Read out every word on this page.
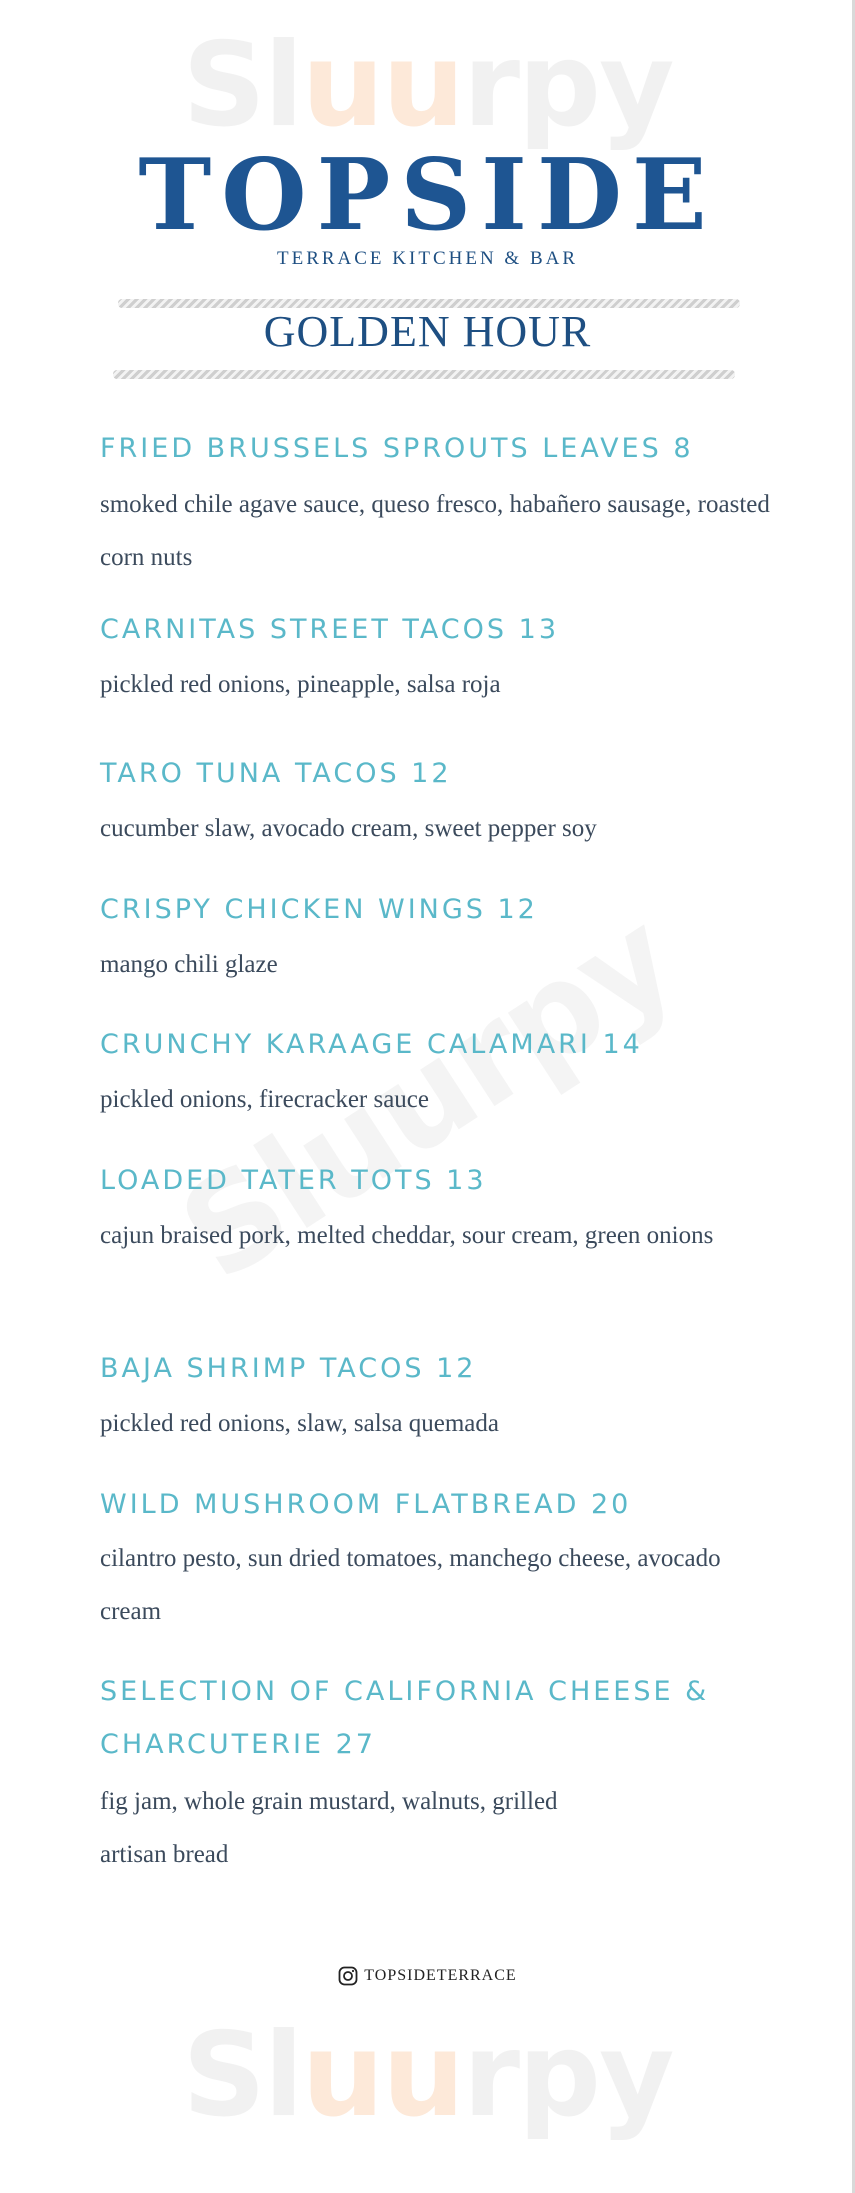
Sluurpy
Sluurpy
TOPSIDE
TERRACE KITCHEN & BAR
GOLDEN HOUR
FRIED BRUSSELS SPROUTS LEAVES 8
smoked chile agave sauce, queso fresco, habañero sausage, roasted corn nuts
CARNITAS STREET TACOS 13
pickled red onions, pineapple, salsa roja
TARO TUNA TACOS 12
cucumber slaw, avocado cream, sweet pepper soy
CRISPY CHICKEN WINGS 12
mango chili glaze
CRUNCHY KARAAGE CALAMARI 14
pickled onions, firecracker sauce
LOADED TATER TOTS 13
cajun braised pork, melted cheddar, sour cream, green onions
BAJA SHRIMP TACOS 12
pickled red onions, slaw, salsa quemada
WILD MUSHROOM FLATBREAD 20
cilantro pesto, sun dried tomatoes, manchego cheese, avocado cream
SELECTION OF CALIFORNIA CHEESE & CHARCUTERIE 27
fig jam, whole grain mustard, walnuts, grilled artisan bread
TOPSIDETERRACE
